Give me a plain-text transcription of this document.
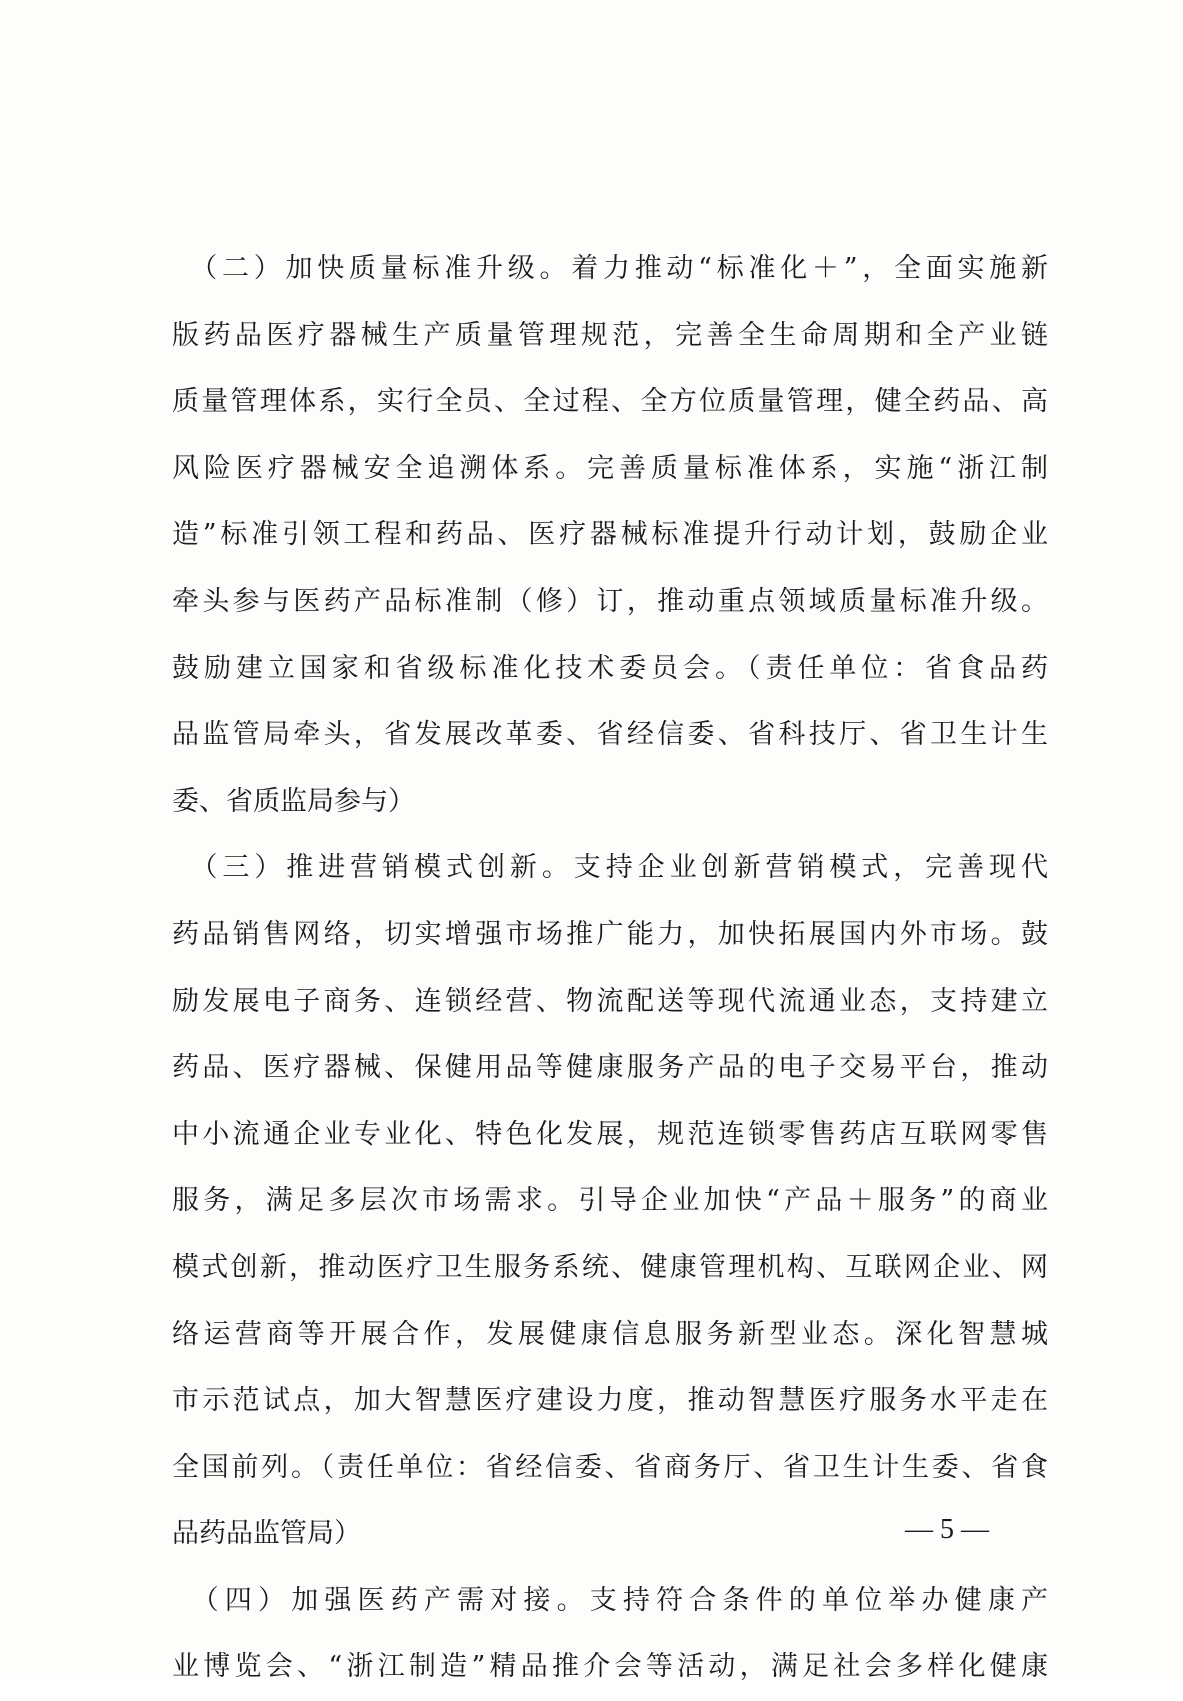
　（二）加快质量标准升级。着力推动“标准化＋”，全面实施新
版药品医疗器械生产质量管理规范，完善全生命周期和全产业链
质量管理体系，实行全员、全过程、全方位质量管理，健全药品、高
风险医疗器械安全追溯体系。完善质量标准体系，实施“浙江制
造”标准引领工程和药品、医疗器械标准提升行动计划，鼓励企业
牵头参与医药产品标准制（修）订，推动重点领域质量标准升级。
鼓励建立国家和省级标准化技术委员会。（责任单位：省食品药
品监管局牵头，省发展改革委、省经信委、省科技厅、省卫生计生
委、省质监局参与）
　（三）推进营销模式创新。支持企业创新营销模式，完善现代
药品销售网络，切实增强市场推广能力，加快拓展国内外市场。鼓
励发展电子商务、连锁经营、物流配送等现代流通业态，支持建立
药品、医疗器械、保健用品等健康服务产品的电子交易平台，推动
中小流通企业专业化、特色化发展，规范连锁零售药店互联网零售
服务，满足多层次市场需求。引导企业加快“产品＋服务”的商业
模式创新，推动医疗卫生服务系统、健康管理机构、互联网企业、网
络运营商等开展合作，发展健康信息服务新型业态。深化智慧城
市示范试点，加大智慧医疗建设力度，推动智慧医疗服务水平走在
全国前列。（责任单位：省经信委、省商务厅、省卫生计生委、省食
品药品监管局）
　（四）加强医药产需对接。支持符合条件的单位举办健康产
业博览会、“浙江制造”精品推介会等活动，满足社会多样化健康
— 5 —
